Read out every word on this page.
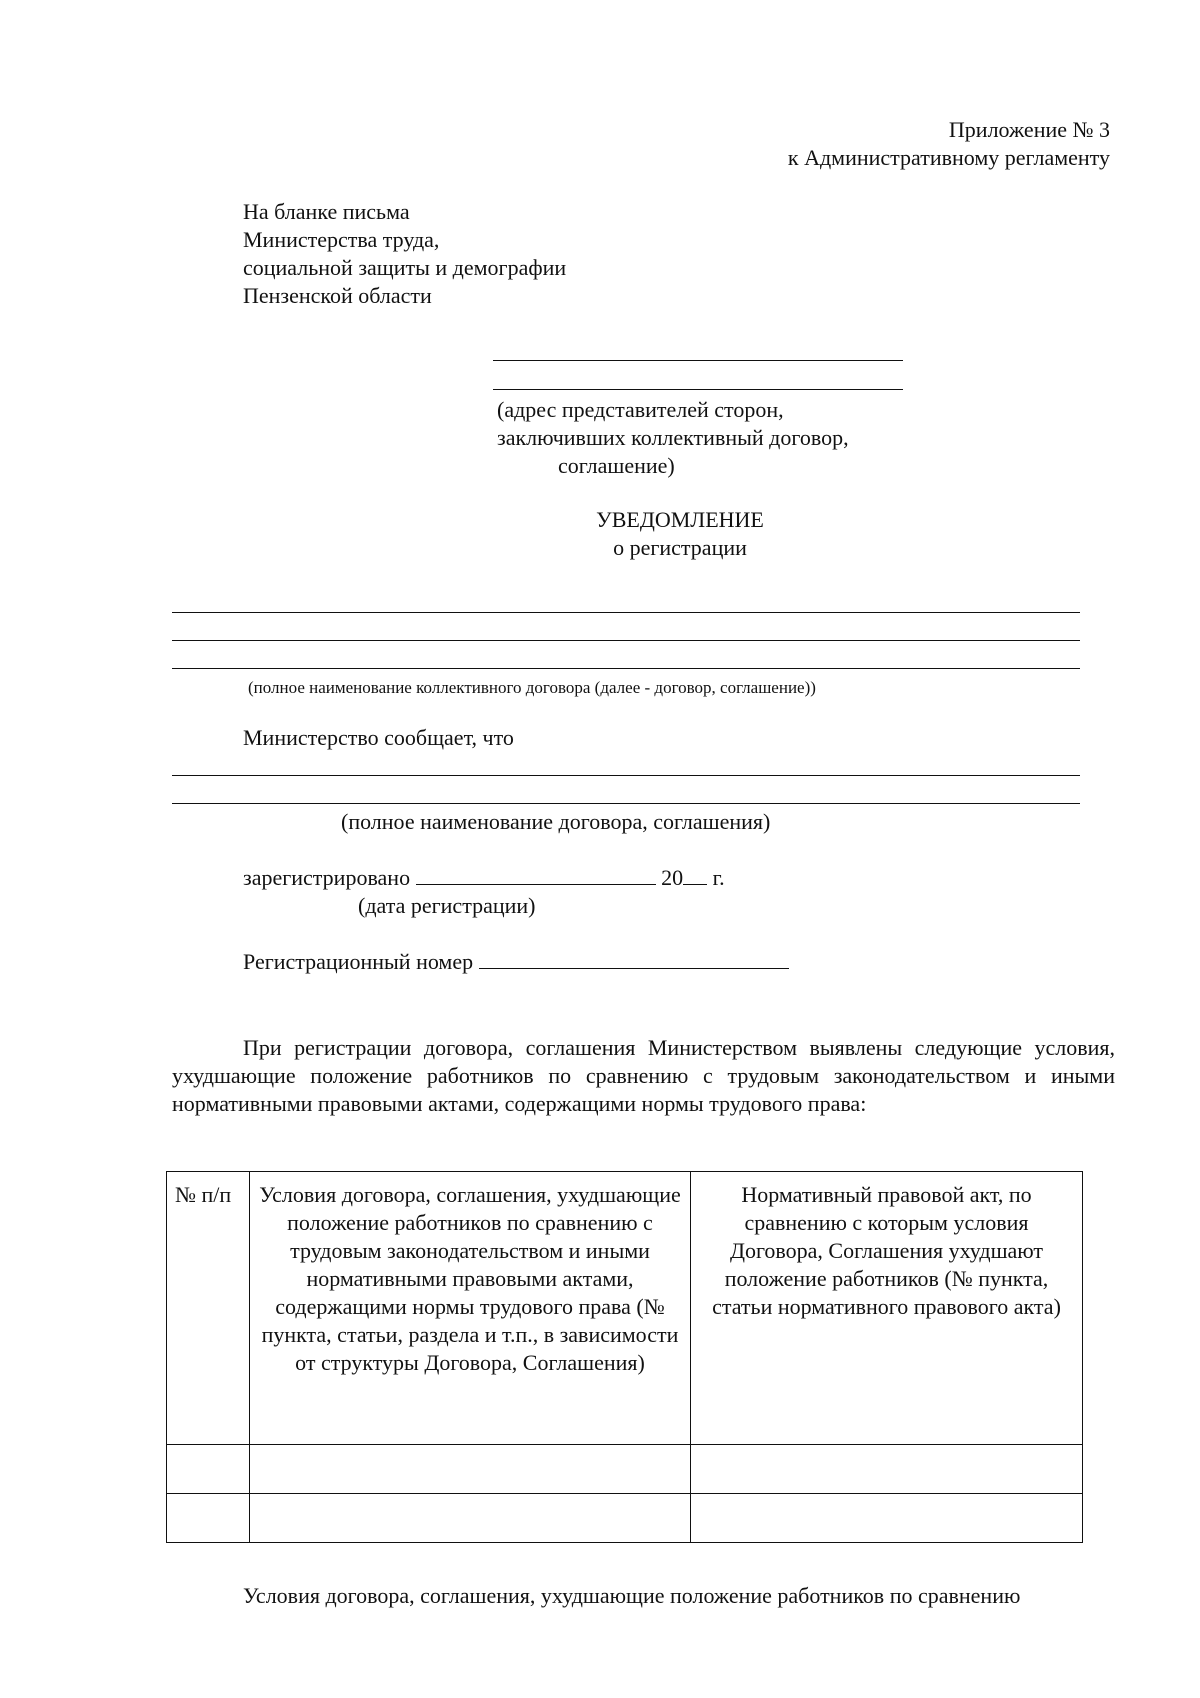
Приложение № 3
к Административному регламенту
На бланке письма
Министерства труда,
социальной защиты и демографии
Пензенской области
(адрес представителей сторон,
заключивших коллективный договор,
соглашение)
УВЕДОМЛЕНИЕ
о регистрации
(полное наименование коллективного договора (далее - договор, соглашение))
Министерство сообщает, что
(полное наименование договора, соглашения)
зарегистрировано	20 г.
(дата регистрации)
Регистрационный номер
При регистрации договора, соглашения Министерством выявлены следующие условия, ухудшающие положение работников по сравнению с трудовым законодательством и иными нормативными правовыми актами, содержащими нормы трудового права:
№ п/п	Условия договора, соглашения, ухудшающие положение работников по сравнению с трудовым законодательством и иными нормативными правовыми актами, содержащими нормы трудового права (№ пункта, статьи, раздела и т.п., в зависимости от структуры Договора, Соглашения)	Нормативный правовой акт, по сравнению с которым условия Договора, Соглашения ухудшают положение работников (№ пункта, статьи нормативного правового акта)

Условия договора, соглашения, ухудшающие положение работников по сравнению
